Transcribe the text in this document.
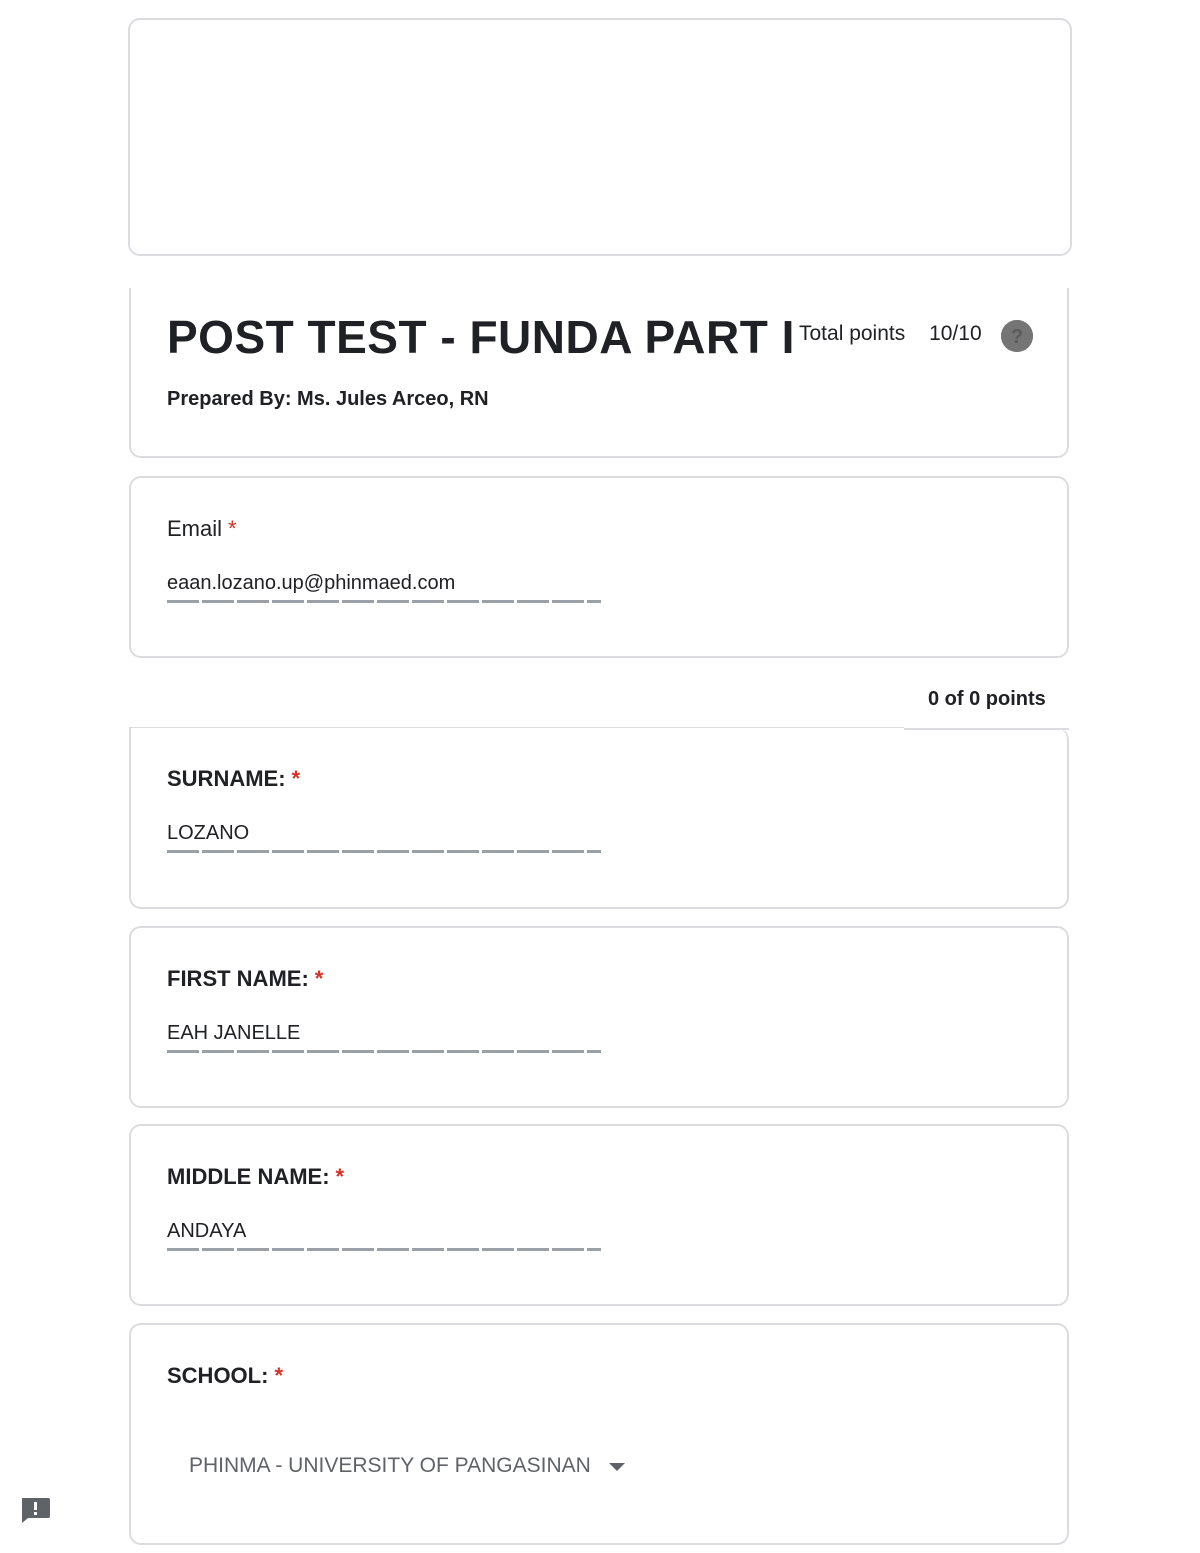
POST TEST - FUNDA PART I Total points 10/10 ?
Prepared By: Ms. Jules Arceo, RN
Email *
eaan.lozano.up@phinmaed.com
0 of 0 points
SURNAME: *
LOZANO
FIRST NAME: *
EAH JANELLE
MIDDLE NAME: *
ANDAYA
SCHOOL: *
PHINMA - UNIVERSITY OF PANGASINAN
